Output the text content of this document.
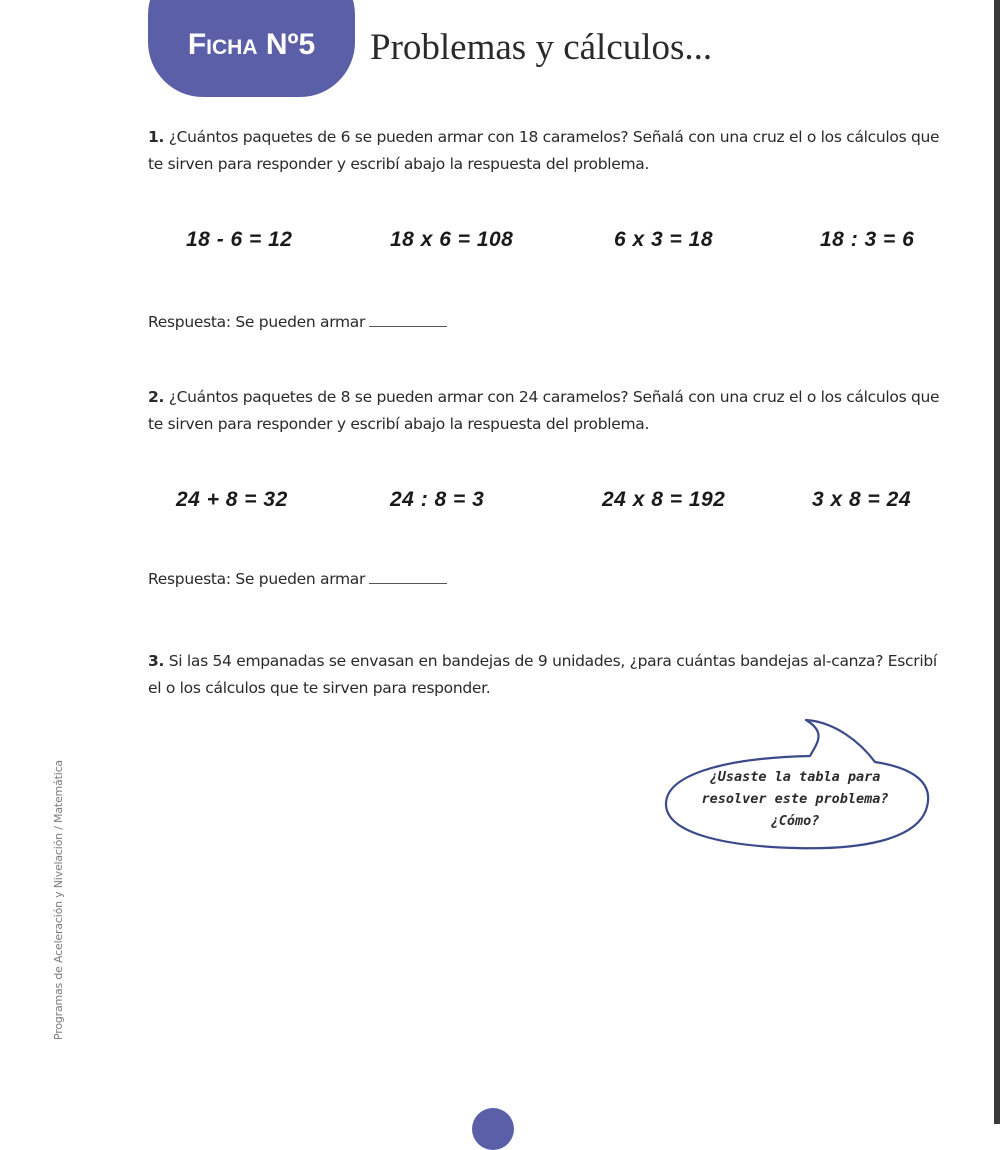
Ficha Nº5	Problemas y cálculos...
1. ¿Cuántos paquetes de 6 se pueden armar con 18 caramelos? Señalá con una cruz el o los cálculos que te sirven para responder y escribí abajo la respuesta del problema.
18 - 6 = 12	18 x 6 = 108	6 x 3 = 18	18 : 3 = 6
Respuesta: Se pueden armar
2. ¿Cuántos paquetes de 8 se pueden armar con 24 caramelos? Señalá con una cruz el o los cálculos que te sirven para responder y escribí abajo la respuesta del problema.
24 + 8 = 32	24 : 8 = 3	24 x 8 = 192	3 x 8 = 24
Respuesta: Se pueden armar
3. Si las 54 empanadas se envasan en bandejas de 9 unidades, ¿para cuántas bandejas al-canza? Escribí el o los cálculos que te sirven para responder.
¿Usaste la tabla para
resolver este problema?
¿Cómo?
Programas de Aceleración y Nivelación / Matemática
